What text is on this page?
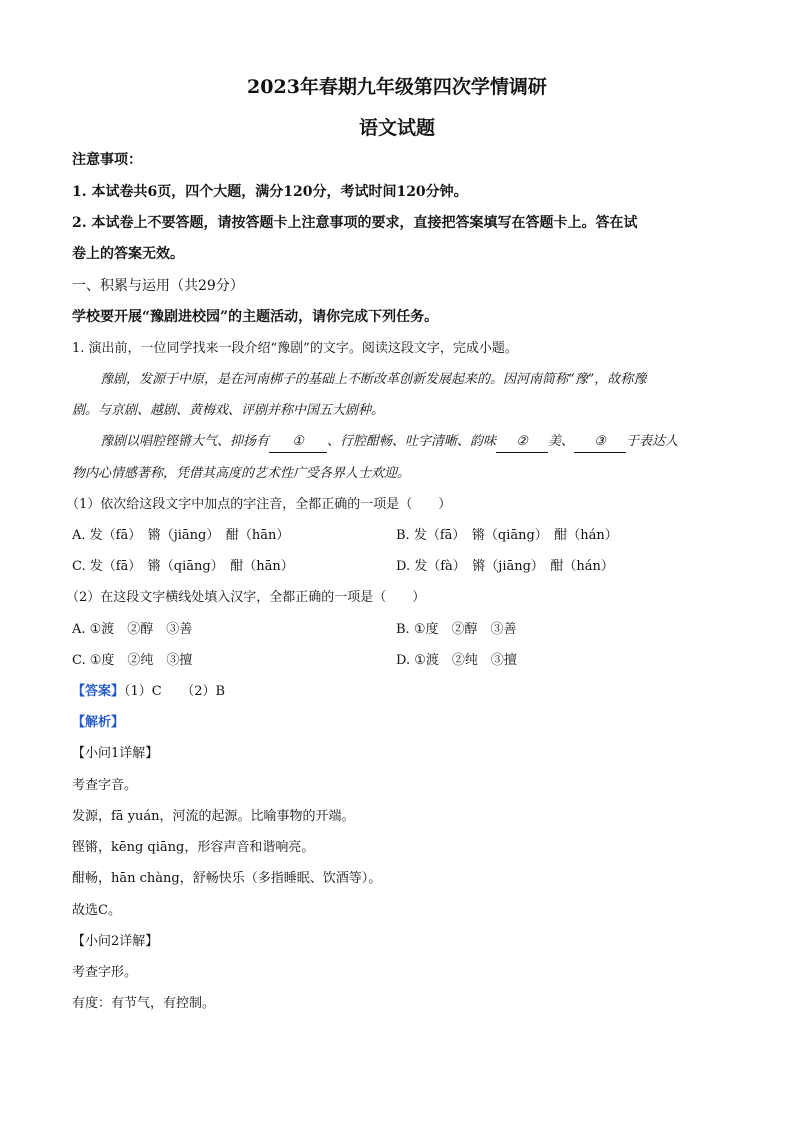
2023年春期九年级第四次学情调研
语文试题
注意事项：
1. 本试卷共6页，四个大题，满分120分，考试时间120分钟。
2. 本试卷上不要答题，请按答题卡上注意事项的要求，直接把答案填写在答题卡上。答在试
卷上的答案无效。
一、积累与运用（共29分）
学校要开展“豫剧进校园”的主题活动，请你完成下列任务。
1. 演出前，一位同学找来一段介绍“豫剧”的文字。阅读这段文字，完成小题。
豫剧，发源于中原，是在河南梆子的基础上不断改革创新发展起来的。因河南简称“豫”，故称豫
剧。与京剧、越剧、黄梅戏、评剧并称中国五大剧种。
豫剧以唱腔铿锵大气、抑扬有 ① 、行腔酣畅、吐字清晰、韵味 ② 美、 ③ 于表达人
物内心情感著称，凭借其高度的艺术性广受各界人士欢迎。
（1）依次给这段文字中加点的字注音，全都正确的一项是（　　）
A. 发（fā）　锵（jiāng）　酣（hān）	B. 发（fā）　锵（qiāng）　酣（hán）
C. 发（fā）　锵（qiāng）　酣（hān）	D. 发（fà）　锵（jiāng）　酣（hán）
（2）在这段文字横线处填入汉字，全都正确的一项是（　　）
A. ①渡　②醇　③善	B. ①度　②醇　③善
C. ①度　②纯　③擅	D. ①渡　②纯　③擅
【答案】（1）C　　（2）B
【解析】
【小问1详解】
考查字音。
发源，fā yuán，河流的起源。比喻事物的开端。
铿锵，kēng qiāng，形容声音和谐响亮。
酣畅，hān chàng，舒畅快乐（多指睡眠、饮酒等）。
故选C。
【小问2详解】
考查字形。
有度：有节气，有控制。
